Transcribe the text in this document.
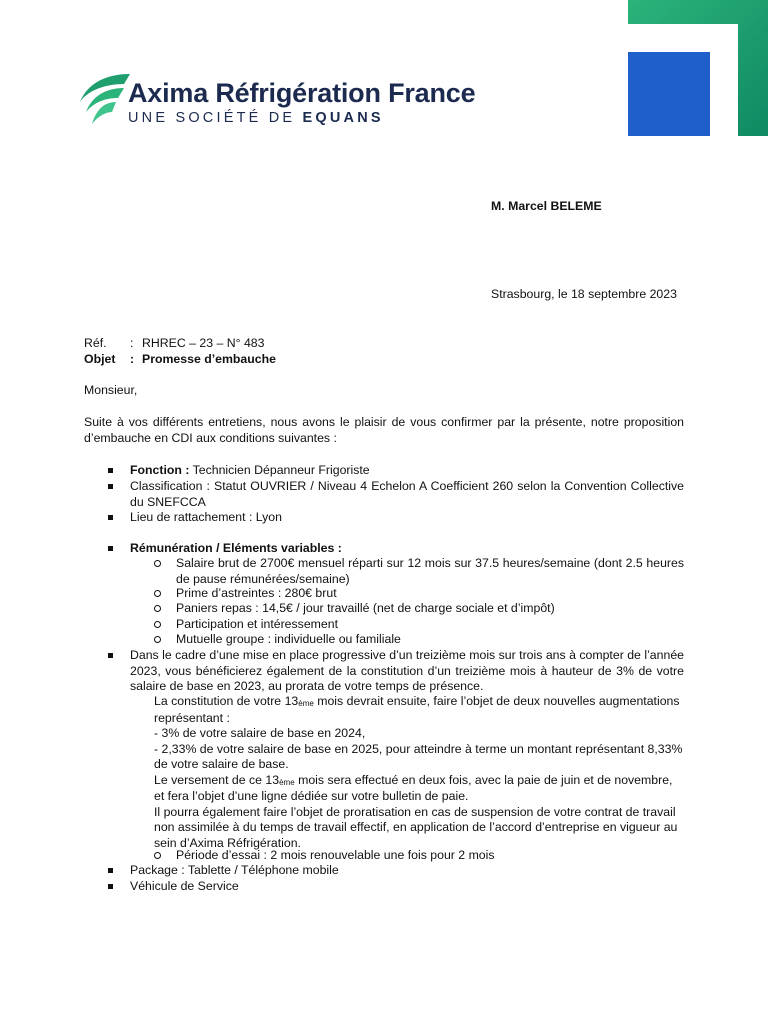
Axima Réfrigération France
UNE SOCIÉTÉ DE EQUANS
M. Marcel BELEME
Strasbourg, le 18 septembre 2023
Réf. : RHREC – 23 – N° 483
Objet : Promesse d’embauche
Monsieur,
Suite à vos différents entretiens, nous avons le plaisir de vous confirmer par la présente, notre proposition d’embauche en CDI aux conditions suivantes :
Fonction : Technicien Dépanneur Frigoriste
Classification : Statut OUVRIER / Niveau 4 Echelon A Coefficient 260 selon la Convention Collective du SNEFCCA
Lieu de rattachement : Lyon
Rémunération / Eléments variables :
Salaire brut de 2700€ mensuel réparti sur 12 mois sur 37.5 heures/semaine (dont 2.5 heures de pause rémunérées/semaine)
Prime d’astreintes : 280€ brut
Paniers repas : 14,5€ / jour travaillé (net de charge sociale et d’impôt)
Participation et intéressement
Mutuelle groupe : individuelle ou familiale
Dans le cadre d’une mise en place progressive d’un treizième mois sur trois ans à compter de l’année 2023, vous bénéficierez également de la constitution d’un treizième mois à hauteur de 3% de votre salaire de base en 2023, au prorata de votre temps de présence.

La constitution de votre $13_{ème}$ mois devrait ensuite, faire l’objet de deux nouvelles augmentations représentant :

- 3% de votre salaire de base en 2024,

- 2,33% de votre salaire de base en 2025, pour atteindre à terme un montant représentant 8,33% de votre salaire de base.

Le versement de ce $13_{ème}$ mois sera effectué en deux fois, avec la paie de juin et de novembre, et fera l’objet d’une ligne dédiée sur votre bulletin de paie.

Il pourra également faire l’objet de proratisation en cas de suspension de votre contrat de travail non assimilée à du temps de travail effectif, en application de l’accord d’entreprise en vigueur au sein d’Axima Réfrigération.

Période d’essai : 2 mois renouvelable une fois pour 2 mois
Package : Tablette / Téléphone mobile
Véhicule de Service
